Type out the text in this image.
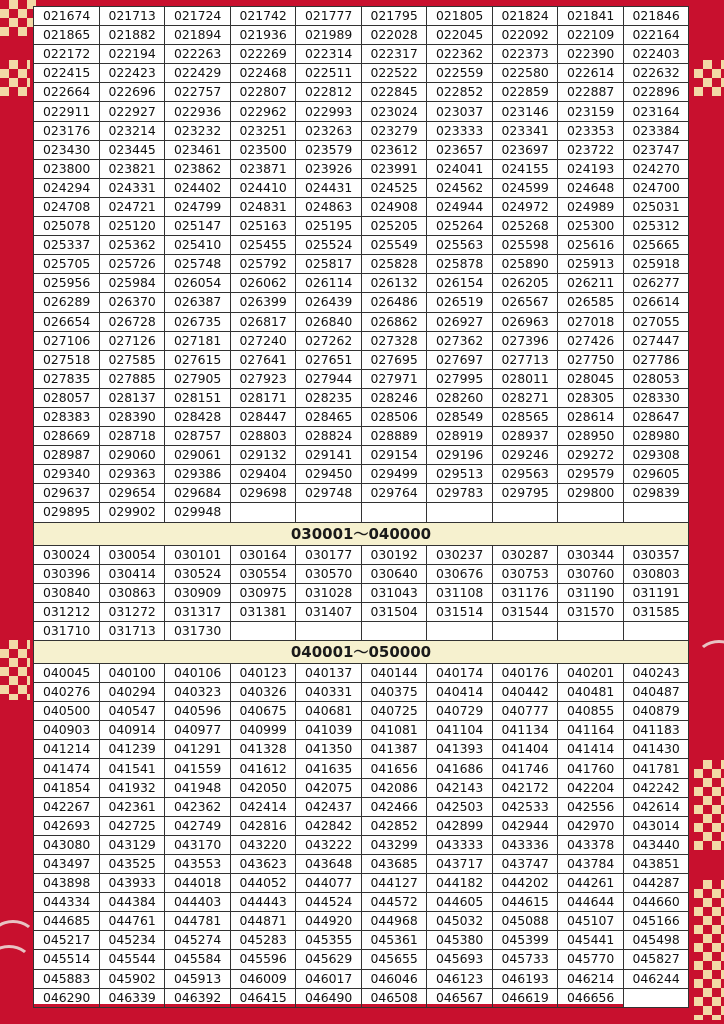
021674	021713	021724	021742	021777	021795	021805	021824	021841	021846
021865	021882	021894	021936	021989	022028	022045	022092	022109	022164
022172	022194	022263	022269	022314	022317	022362	022373	022390	022403
022415	022423	022429	022468	022511	022522	022559	022580	022614	022632
022664	022696	022757	022807	022812	022845	022852	022859	022887	022896
022911	022927	022936	022962	022993	023024	023037	023146	023159	023164
023176	023214	023232	023251	023263	023279	023333	023341	023353	023384
023430	023445	023461	023500	023579	023612	023657	023697	023722	023747
023800	023821	023862	023871	023926	023991	024041	024155	024193	024270
024294	024331	024402	024410	024431	024525	024562	024599	024648	024700
024708	024721	024799	024831	024863	024908	024944	024972	024989	025031
025078	025120	025147	025163	025195	025205	025264	025268	025300	025312
025337	025362	025410	025455	025524	025549	025563	025598	025616	025665
025705	025726	025748	025792	025817	025828	025878	025890	025913	025918
025956	025984	026054	026062	026114	026132	026154	026205	026211	026277
026289	026370	026387	026399	026439	026486	026519	026567	026585	026614
026654	026728	026735	026817	026840	026862	026927	026963	027018	027055
027106	027126	027181	027240	027262	027328	027362	027396	027426	027447
027518	027585	027615	027641	027651	027695	027697	027713	027750	027786
027835	027885	027905	027923	027944	027971	027995	028011	028045	028053
028057	028137	028151	028171	028235	028246	028260	028271	028305	028330
028383	028390	028428	028447	028465	028506	028549	028565	028614	028647
028669	028718	028757	028803	028824	028889	028919	028937	028950	028980
028987	029060	029061	029132	029141	029154	029196	029246	029272	029308
029340	029363	029386	029404	029450	029499	029513	029563	029579	029605
029637	029654	029684	029698	029748	029764	029783	029795	029800	029839
029895	029902	029948							
030001～040000									
030024	030054	030101	030164	030177	030192	030237	030287	030344	030357
030396	030414	030524	030554	030570	030640	030676	030753	030760	030803
030840	030863	030909	030975	031028	031043	031108	031176	031190	031191
031212	031272	031317	031381	031407	031504	031514	031544	031570	031585
031710	031713	031730							
040001～050000									
040045	040100	040106	040123	040137	040144	040174	040176	040201	040243
040276	040294	040323	040326	040331	040375	040414	040442	040481	040487
040500	040547	040596	040675	040681	040725	040729	040777	040855	040879
040903	040914	040977	040999	041039	041081	041104	041134	041164	041183
041214	041239	041291	041328	041350	041387	041393	041404	041414	041430
041474	041541	041559	041612	041635	041656	041686	041746	041760	041781
041854	041932	041948	042050	042075	042086	042143	042172	042204	042242
042267	042361	042362	042414	042437	042466	042503	042533	042556	042614
042693	042725	042749	042816	042842	042852	042899	042944	042970	043014
043080	043129	043170	043220	043222	043299	043333	043336	043378	043440
043497	043525	043553	043623	043648	043685	043717	043747	043784	043851
043898	043933	044018	044052	044077	044127	044182	044202	044261	044287
044334	044384	044403	044443	044524	044572	044605	044615	044644	044660
044685	044761	044781	044871	044920	044968	045032	045088	045107	045166
045217	045234	045274	045283	045355	045361	045380	045399	045441	045498
045514	045544	045584	045596	045629	045655	045693	045733	045770	045827
045883	045902	045913	046009	046017	046046	046123	046193	046214	046244
046290	046339	046392	046415	046490	046508	046567	046619	046656	
